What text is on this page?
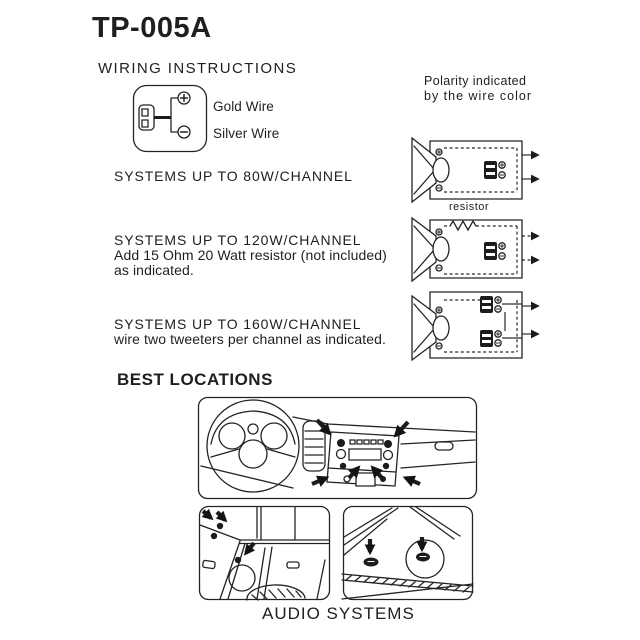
TP-005A
WIRING INSTRUCTIONS
Gold Wire
Silver Wire
SYSTEMS UP TO 80W/CHANNEL
Polarity indicated
by the wire color
resistor
SYSTEMS UP TO 120W/CHANNEL
Add 15 Ohm 20 Watt resistor (not included)
as indicated.
SYSTEMS UP TO 160W/CHANNEL
wire two tweeters per channel as indicated.
BEST LOCATIONS
AUDIO SYSTEMS
